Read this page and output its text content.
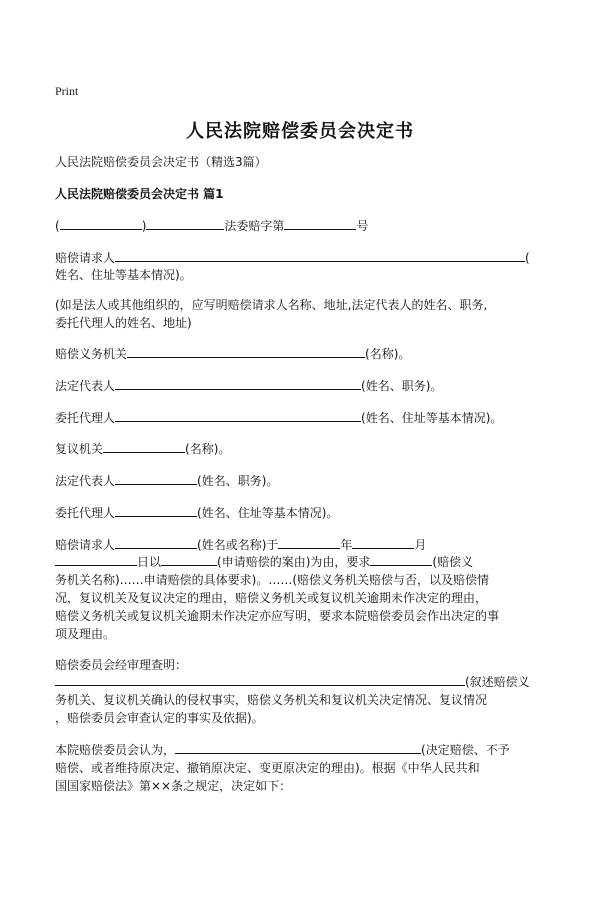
Print
人民法院赔偿委员会决定书
人民法院赔偿委员会决定书（精选3篇）
人民法院赔偿委员会决定书 篇1
(	)	法委赔字第	号
赔偿请求人	(
姓名、住址等基本情况)。
(如是法人或其他组织的，应写明赔偿请求人名称、地址,法定代表人的姓名、职务,
委托代理人的姓名、地址)
赔偿义务机关	(名称)。
法定代表人	(姓名、职务)。
委托代理人	(姓名、住址等基本情况)。
复议机关	(名称)。
法定代表人	(姓名、职务)。
委托代理人	(姓名、住址等基本情况)。
赔偿请求人	(姓名或名称)于	年	月
日以	(申请赔偿的案由)为由，要求	(赔偿义
务机关名称)……申请赔偿的具体要求)。……(赔偿义务机关赔偿与否，以及赔偿情
况，复议机关及复议决定的理由，赔偿义务机关或复议机关逾期未作决定的理由，
赔偿义务机关或复议机关逾期未作决定亦应写明，要求本院赔偿委员会作出决定的事
项及理由。
赔偿委员会经审理查明：
(叙述赔偿义
务机关、复议机关确认的侵权事实，赔偿义务机关和复议机关决定情况、复议情况
，赔偿委员会审查认定的事实及依据)。
本院赔偿委员会认为，	(决定赔偿、不予
赔偿、或者维持原决定、撤销原决定、变更原决定的理由)。根据《中华人民共和
国国家赔偿法》第××条之规定，决定如下：
